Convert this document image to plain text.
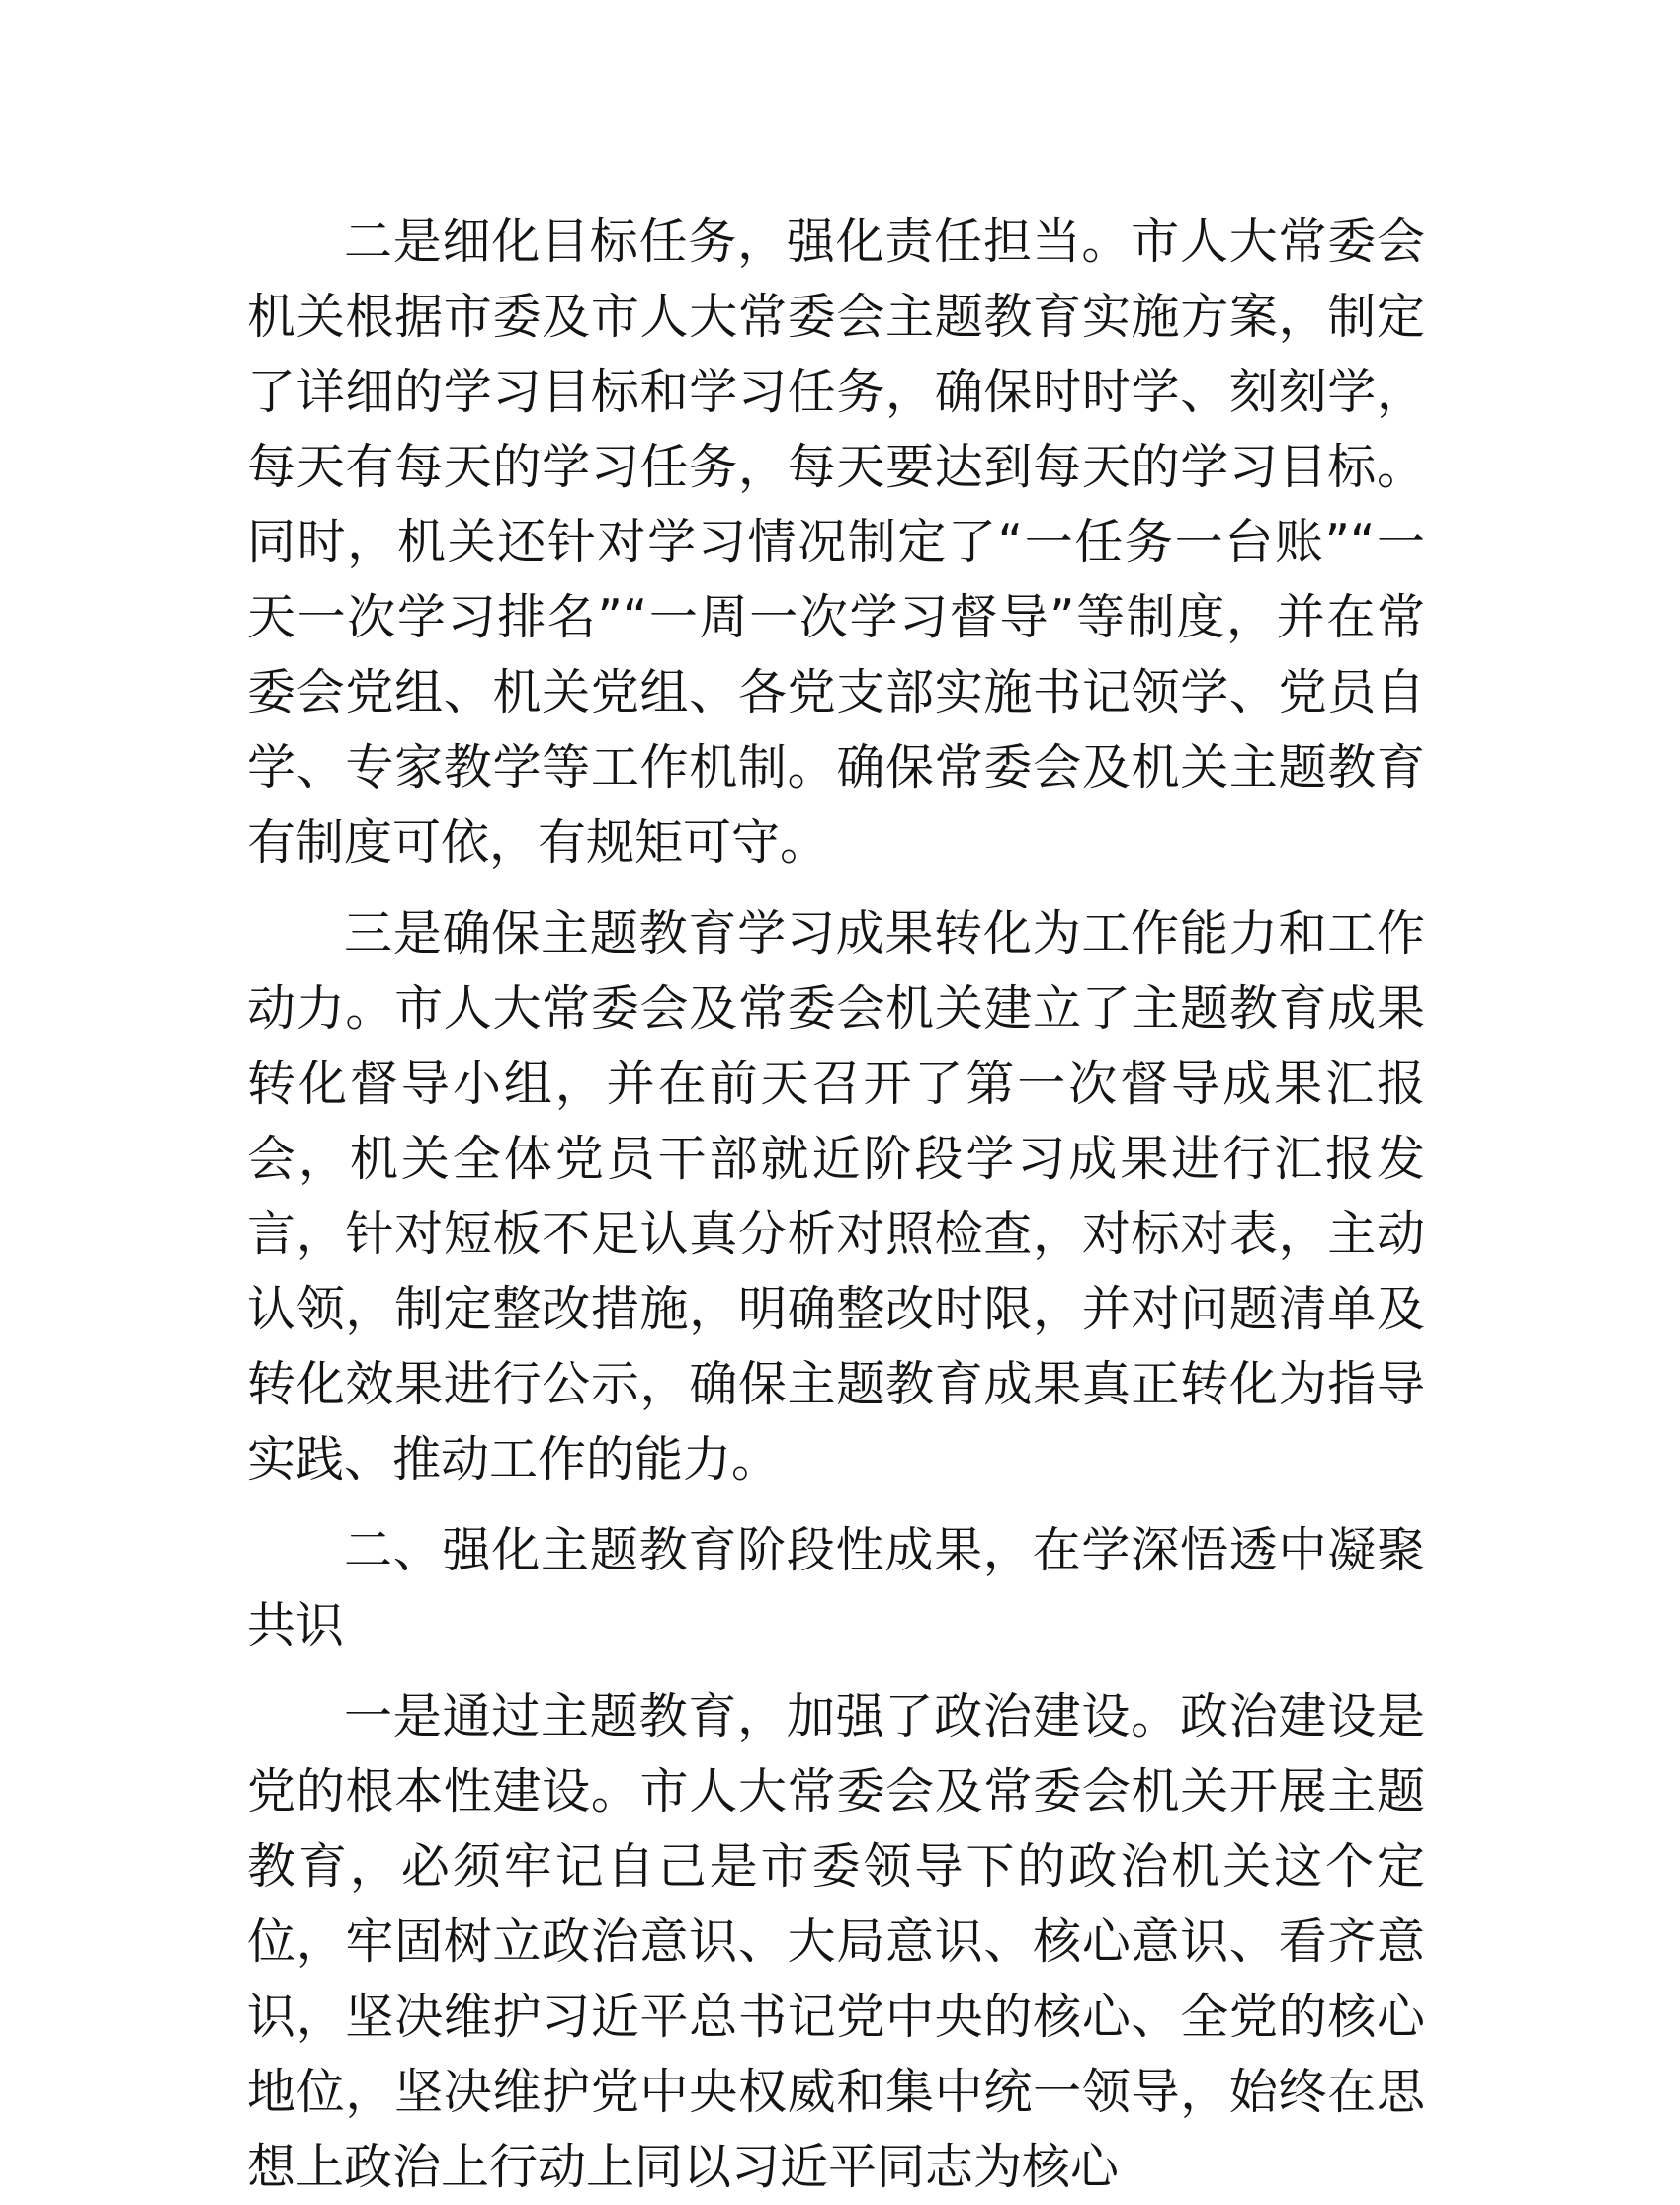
二是细化目标任务，强化责任担当。市人大常委会机关根据市委及市人大常委会主题教育实施方案，制定了详细的学习目标和学习任务，确保时时学、刻刻学，每天有每天的学习任务，每天要达到每天的学习目标。同时，机关还针对学习情况制定了“一任务一台账”“一天一次学习排名”“一周一次学习督导”等制度，并在常委会党组、机关党组、各党支部实施书记领学、党员自学、专家教学等工作机制。确保常委会及机关主题教育有制度可依，有规矩可守。

三是确保主题教育学习成果转化为工作能力和工作动力。市人大常委会及常委会机关建立了主题教育成果转化督导小组，并在前天召开了第一次督导成果汇报会，机关全体党员干部就近阶段学习成果进行汇报发言，针对短板不足认真分析对照检查，对标对表，主动认领，制定整改措施，明确整改时限，并对问题清单及转化效果进行公示，确保主题教育成果真正转化为指导实践、推动工作的能力。

二、强化主题教育阶段性成果，在学深悟透中凝聚共识

一是通过主题教育，加强了政治建设。政治建设是党的根本性建设。市人大常委会及常委会机关开展主题教育，必须牢记自己是市委领导下的政治机关这个定位，牢固树立政治意识、大局意识、核心意识、看齐意识，坚决维护习近平总书记党中央的核心、全党的核心地位，坚决维护党中央权威和集中统一领导，始终在思想上政治上行动上同以习近平同志为核心
